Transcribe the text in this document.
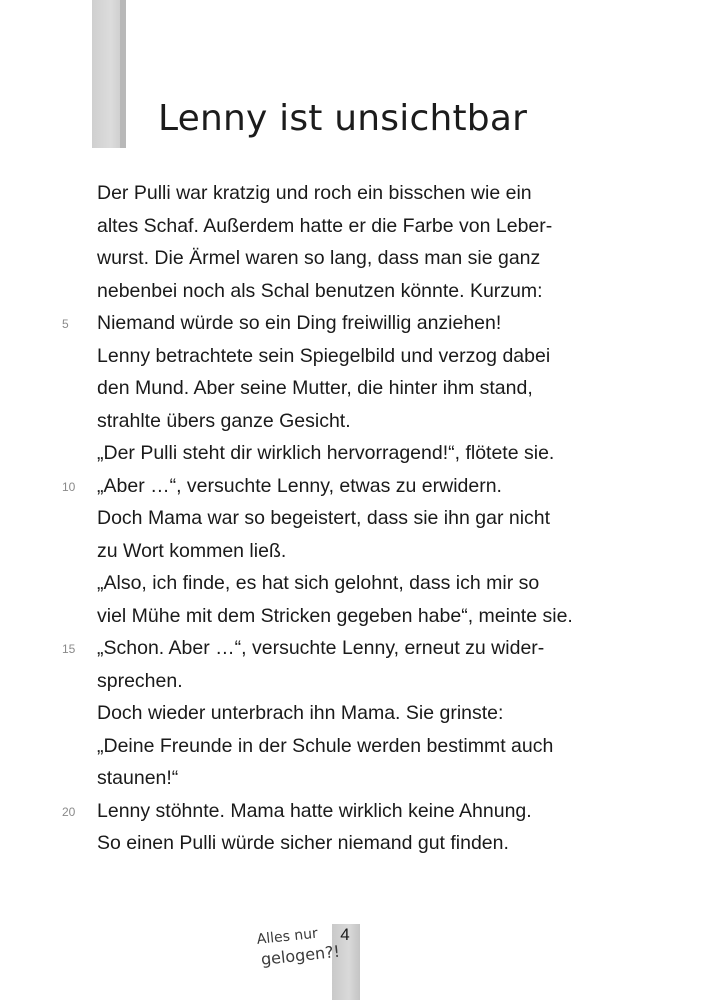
Lenny ist unsichtbar
Der Pulli war kratzig und roch ein bisschen wie ein
altes Schaf. Außerdem hatte er die Farbe von Leber-
wurst. Die Ärmel waren so lang, dass man sie ganz
nebenbei noch als Schal benutzen könnte. Kurzum:
5 Niemand würde so ein Ding freiwillig anziehen!
Lenny betrachtete sein Spiegelbild und verzog dabei
den Mund. Aber seine Mutter, die hinter ihm stand,
strahlte übers ganze Gesicht.
„Der Pulli steht dir wirklich hervorragend!“, flötete sie.
10 „Aber …“, versuchte Lenny, etwas zu erwidern.
Doch Mama war so begeistert, dass sie ihn gar nicht
zu Wort kommen ließ.
„Also, ich finde, es hat sich gelohnt, dass ich mir so
viel Mühe mit dem Stricken gegeben habe“, meinte sie.
15 „Schon. Aber …“, versuchte Lenny, erneut zu wider-
sprechen.
Doch wieder unterbrach ihn Mama. Sie grinste:
„Deine Freunde in der Schule werden bestimmt auch
staunen!“
20 Lenny stöhnte. Mama hatte wirklich keine Ahnung.
So einen Pulli würde sicher niemand gut finden.
4
Alles nur
gelogen?!
